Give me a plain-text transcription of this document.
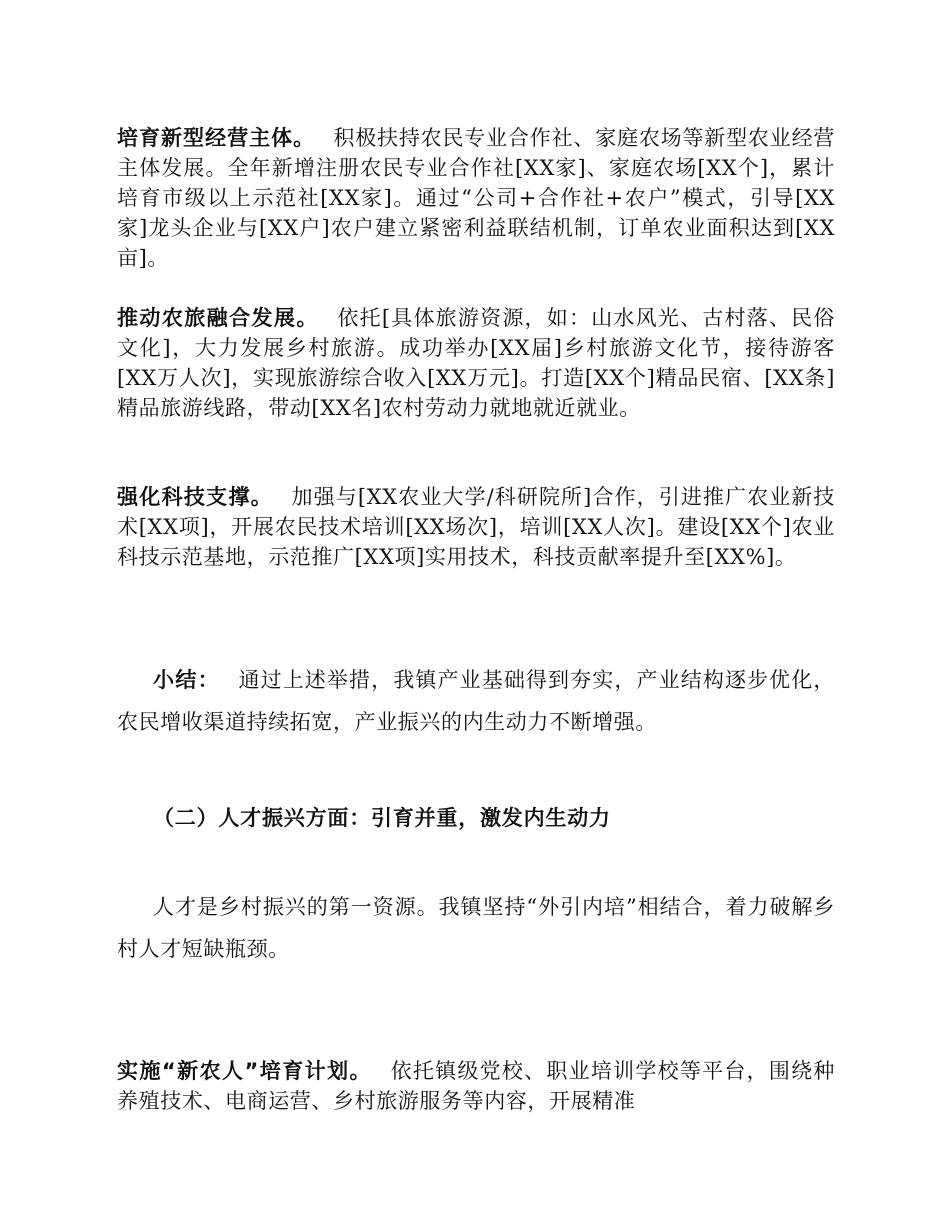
培育新型经营主体。 积极扶持农民专业合作社、家庭农场等新型农业经营主体发展。全年新增注册农民专业合作社[XX家]、家庭农场[XX个]，累计培育市级以上示范社[XX家]。通过“公司+合作社+农户”模式，引导[XX家]龙头企业与[XX户]农户建立紧密利益联结机制，订单农业面积达到[XX亩]。

推动农旅融合发展。 依托[具体旅游资源，如：山水风光、古村落、民俗文化]，大力发展乡村旅游。成功举办[XX届]乡村旅游文化节，接待游客[XX万人次]，实现旅游综合收入[XX万元]。打造[XX个]精品民宿、[XX条]精品旅游线路，带动[XX名]农村劳动力就地就近就业。

强化科技支撑。 加强与[XX农业大学/科研院所]合作，引进推广农业新技术[XX项]，开展农民技术培训[XX场次]，培训[XX人次]。建设[XX个]农业科技示范基地，示范推广[XX项]实用技术，科技贡献率提升至[XX%]。

小结： 通过上述举措，我镇产业基础得到夯实，产业结构逐步优化，农民增收渠道持续拓宽，产业振兴的内生动力不断增强。

（二）人才振兴方面：引育并重，激发内生动力

人才是乡村振兴的第一资源。我镇坚持“外引内培”相结合，着力破解乡村人才短缺瓶颈。

实施“新农人”培育计划。 依托镇级党校、职业培训学校等平台，围绕种养殖技术、电商运营、乡村旅游服务等内容，开展精准
